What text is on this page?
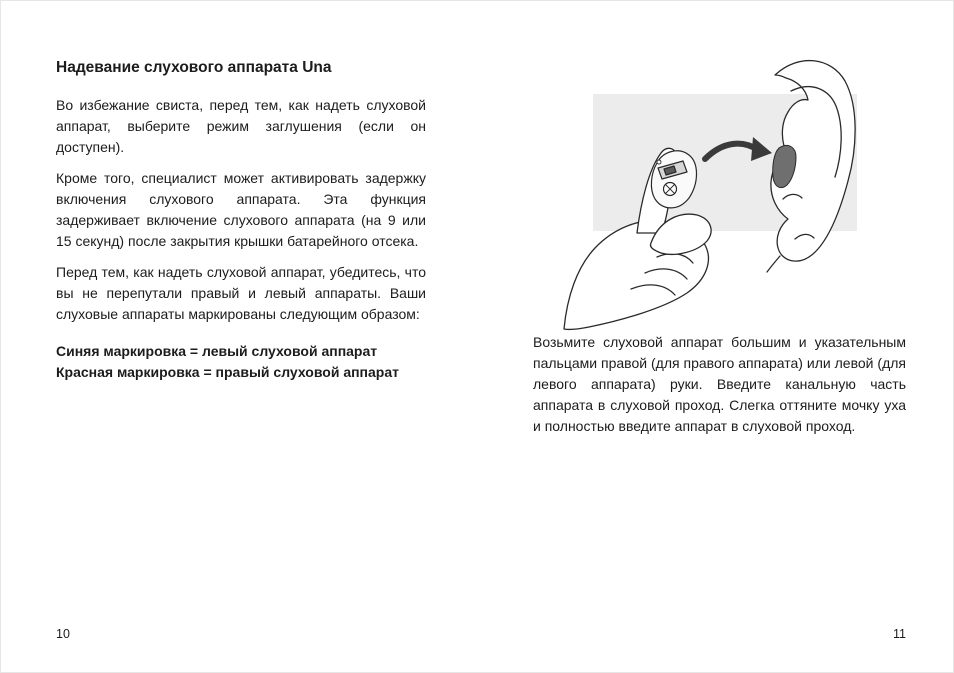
Надевание слухового аппарата Una

Во избежание свиста, перед тем, как надеть слуховой аппарат, выберите режим заглушения (если он доступен).

Кроме того, специалист может активировать задержку включения слухового аппарата. Эта функция задерживает включение слухового аппарата (на 9 или 15 секунд) после закрытия крышки батарейного отсека.

Перед тем, как надеть слуховой аппарат, убедитесь, что вы не перепутали правый и левый аппараты. Ваши слуховые аппараты маркированы следующим образом:

Синяя маркировка = левый слуховой аппарат
Красная маркировка = правый слуховой аппарат

Возьмите слуховой аппарат большим и указательным пальцами правой (для правого аппарата) или левой (для левого аппарата) руки. Введите канальную часть аппарата в слуховой проход. Слегка оттяните мочку уха и полностью введите аппарат в слуховой проход.

10	11
